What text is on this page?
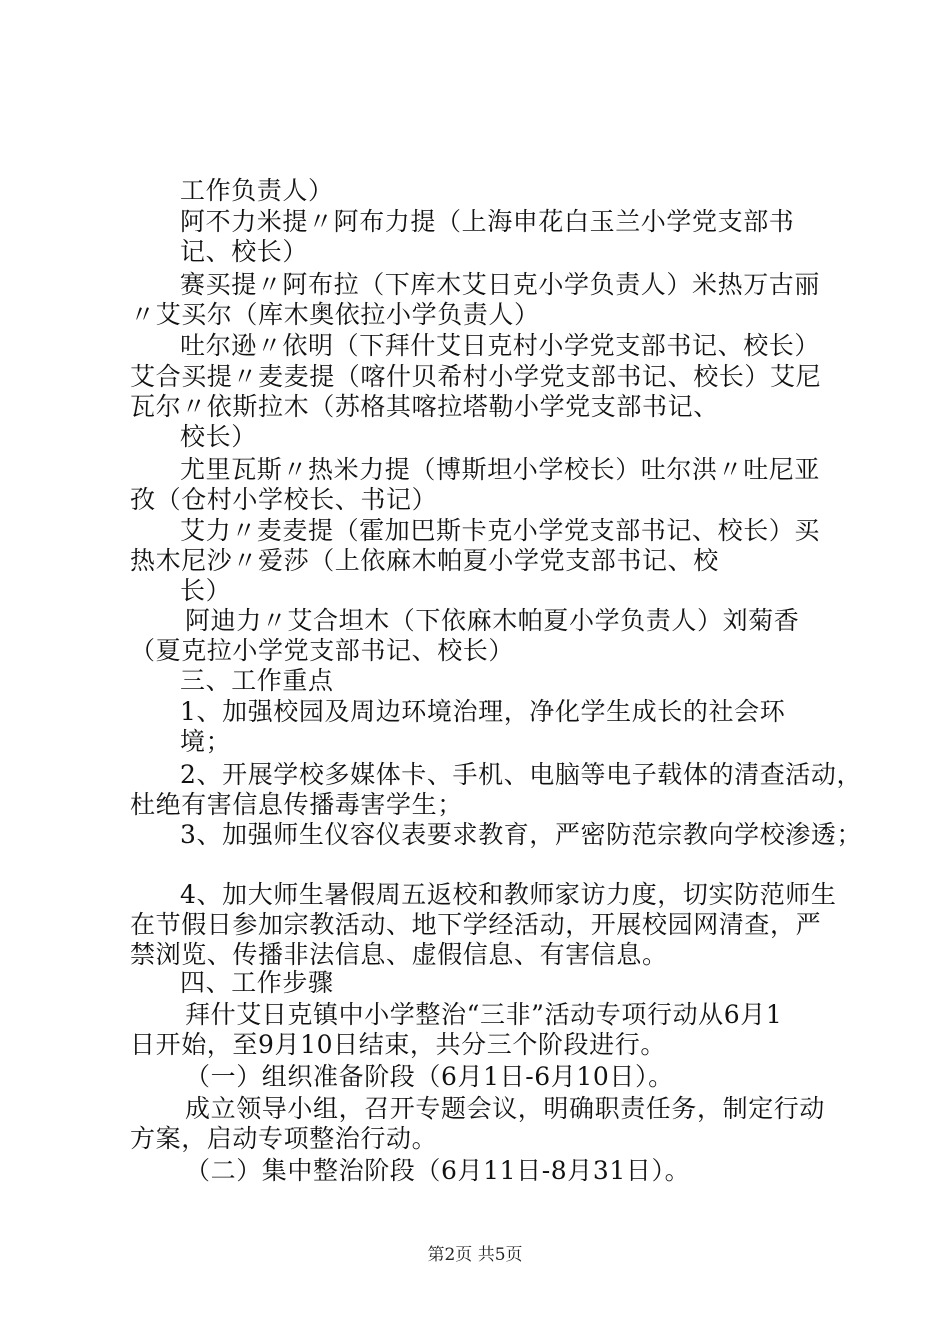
工作负责人）
阿不力米提〃阿布力提（上海申花白玉兰小学党支部书
记、校长）
赛买提〃阿布拉（下库木艾日克小学负责人）米热万古丽
〃艾买尔（库木奥依拉小学负责人）
吐尔逊〃依明（下拜什艾日克村小学党支部书记、校长）
艾合买提〃麦麦提（喀什贝希村小学党支部书记、校长）艾尼
瓦尔〃依斯拉木（苏格其喀拉塔勒小学党支部书记、
校长）
尤里瓦斯〃热米力提（博斯坦小学校长）吐尔洪〃吐尼亚
孜（仓村小学校长、书记）
艾力〃麦麦提（霍加巴斯卡克小学党支部书记、校长）买
热木尼沙〃爱莎（上依麻木帕夏小学党支部书记、校
长）
阿迪力〃艾合坦木（下依麻木帕夏小学负责人）刘菊香
（夏克拉小学党支部书记、校长）
三、工作重点
1、加强校园及周边环境治理，净化学生成长的社会环
境；
2、开展学校多媒体卡、手机、电脑等电子载体的清查活动，
杜绝有害信息传播毒害学生；
3、加强师生仪容仪表要求教育，严密防范宗教向学校渗透；
4、加大师生暑假周五返校和教师家访力度，切实防范师生
在节假日参加宗教活动、地下学经活动，开展校园网清查，严
禁浏览、传播非法信息、虚假信息、有害信息。
四、工作步骤
拜什艾日克镇中小学整治“三非”活动专项行动从6月1
日开始，至9月10日结束，共分三个阶段进行。
（一）组织准备阶段（6月1日-6月10日）。
成立领导小组，召开专题会议，明确职责任务，制定行动
方案，启动专项整治行动。
（二）集中整治阶段（6月11日-8月31日）。
第2页 共5页
